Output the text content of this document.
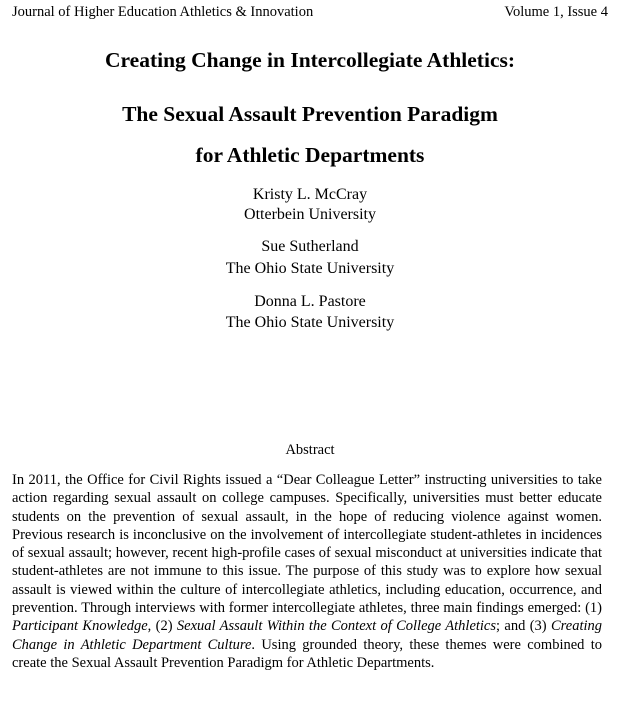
Journal of Higher Education Athletics & Innovation	Volume 1, Issue 4
Creating Change in Intercollegiate Athletics:
The Sexual Assault Prevention Paradigm
for Athletic Departments
Kristy L. McCray
Otterbein University
Sue Sutherland
The Ohio State University
Donna L. Pastore
The Ohio State University
Abstract
In 2011, the Office for Civil Rights issued a “Dear Colleague Letter” instructing universities to take action regarding sexual assault on college campuses. Specifically, universities must better educate students on the prevention of sexual assault, in the hope of reducing violence against women. Previous research is inconclusive on the involvement of intercollegiate student-athletes in incidences of sexual assault; however, recent high-profile cases of sexual misconduct at universities indicate that student-athletes are not immune to this issue. The purpose of this study was to explore how sexual assault is viewed within the culture of intercollegiate athletics, including education, occurrence, and prevention. Through interviews with former intercollegiate athletes, three main findings emerged: (1) Participant Knowledge, (2) Sexual Assault Within the Context of College Athletics; and (3) Creating Change in Athletic Department Culture. Using grounded theory, these themes were combined to create the Sexual Assault Prevention Paradigm for Athletic Departments.
